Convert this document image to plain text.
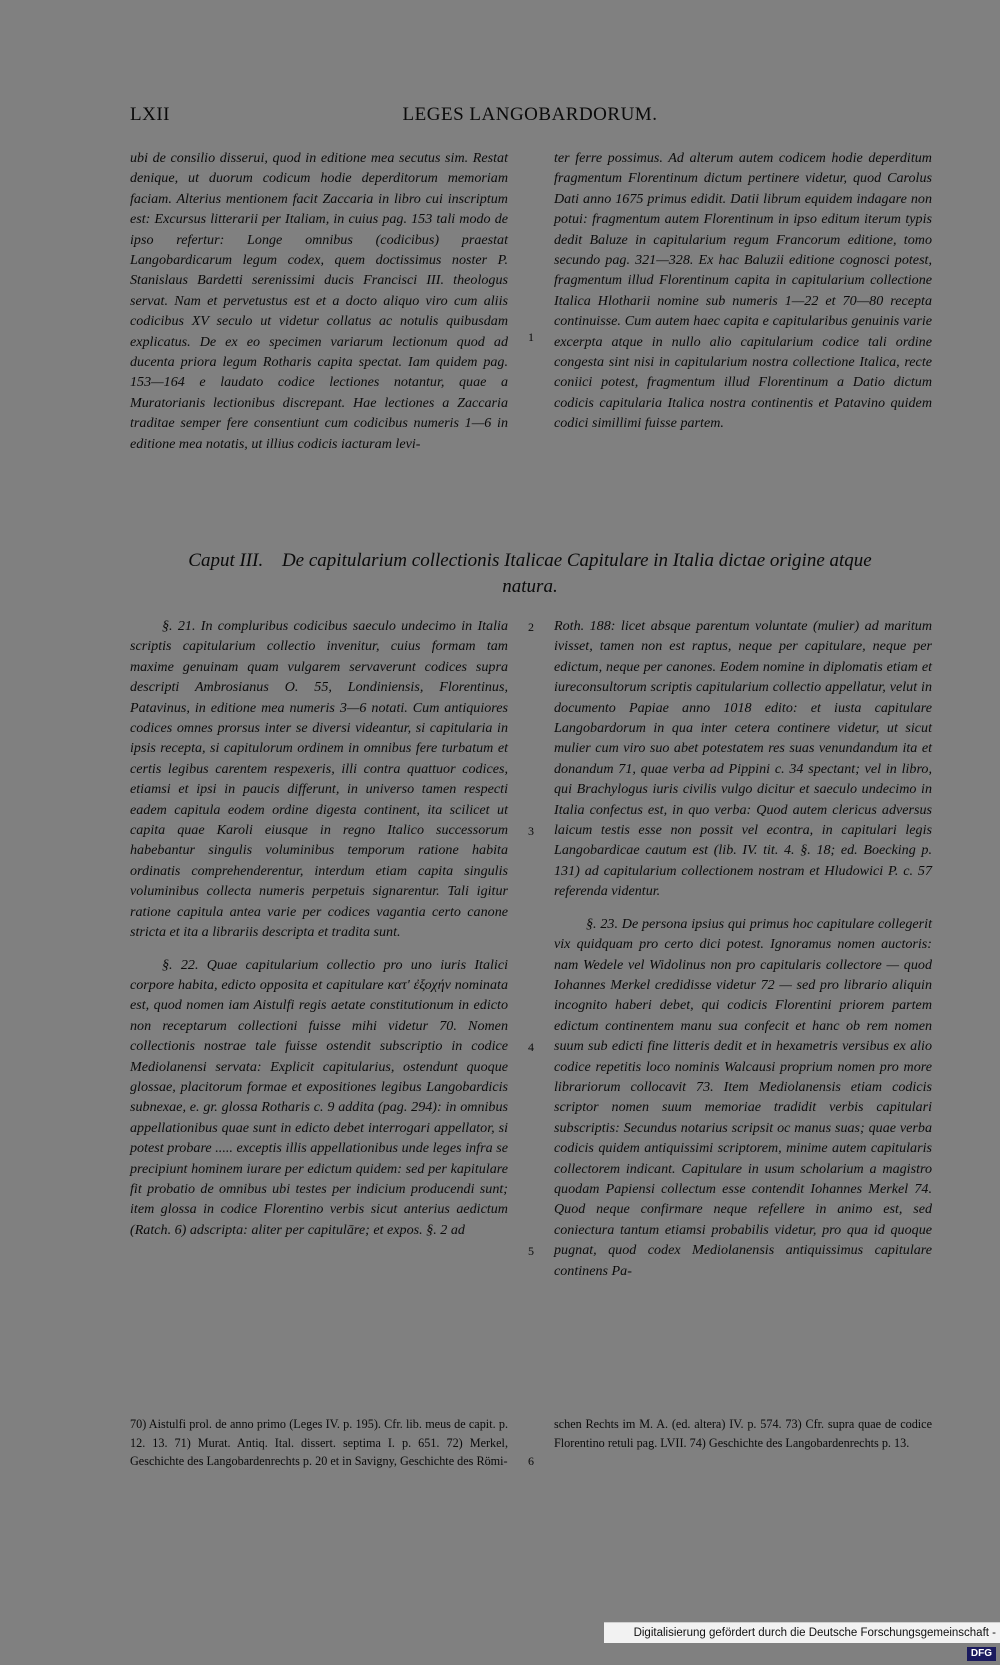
LXII	LEGES LANGOBARDORUM.

ubi de consilio disserui, quod in editione mea secutus sim. Restat denique, ut duorum codicum hodie deperditorum memoriam faciam. Alterius mentionem facit Zaccaria in libro cui inscriptum est: Excursus litterarii per Italiam, in cuius pag. 153 tali modo de ipso refertur: Longe omnibus (codicibus) praestat Langobardicarum legum codex, quem doctissimus noster P. Stanislaus Bardetti serenissimi ducis Francisci III. theologus servat. Nam et pervetustus est et a docto aliquo viro cum aliis codicibus XV seculo ut videtur collatus ac notulis quibusdam explicatus. De ex eo specimen variarum lectionum quod ad ducenta priora legum Rotharis capita spectat. Iam quidem pag. 153—164 e laudato codice lectiones notantur, quae a Muratorianis lectionibus discrepant. Hae lectiones a Zaccaria traditae semper fere consentiunt cum codicibus numeris 1—6 in editione mea notatis, ut illius codicis iacturam levi-

ter ferre possimus. Ad alterum autem codicem hodie deperditum fragmentum Florentinum dictum pertinere videtur, quod Carolus Dati anno 1675 primus edidit. Datii librum equidem indagare non potui: fragmentum autem Florentinum in ipso editum iterum typis dedit Baluze in capitularium regum Francorum editione, tomo secundo pag. 321—328. Ex hac Baluzii editione cognosci potest, fragmentum illud Florentinum capita in capitularium collectione Italica Hlotharii nomine sub numeris 1—22 et 70—80 recepta continuisse. Cum autem haec capita e capitularibus genuinis varie excerpta atque in nullo alio capitularium codice tali ordine congesta sint nisi in capitularium nostra collectione Italica, recte coniici potest, fragmentum illud Florentinum a Datio dictum codicis capitularia Italica nostra continentis et Patavino quidem codici simillimi fuisse partem.

1
Caput III. De capitularium collectionis Italicae Capitulare in Italia dictae origine atque natura.

§. 21. In compluribus codicibus saeculo undecimo in Italia scriptis capitularium collectio invenitur, cuius formam tam maxime genuinam quam vulgarem servaverunt codices supra descripti Ambrosianus O. 55, Londiniensis, Florentinus, Patavinus, in editione mea numeris 3—6 notati. Cum antiquiores codices omnes prorsus inter se diversi videantur, si capitularia in ipsis recepta, si capitulorum ordinem in omnibus fere turbatum et certis legibus carentem respexeris, illi contra quattuor codices, etiamsi et ipsi in paucis differunt, in universo tamen respecti eadem capitula eodem ordine digesta continent, ita scilicet ut capita quae Karoli eiusque in regno Italico successorum habebantur singulis voluminibus temporum ratione habita ordinatis comprehenderentur, interdum etiam capita singulis voluminibus collecta numeris perpetuis signarentur. Tali igitur ratione capitula antea varie per codices vagantia certo canone stricta et ita a librariis descripta et tradita sunt.

§. 22. Quae capitularium collectio pro uno iuris Italici corpore habita, edicto opposita et capitulare κατ' ἐξοχήν nominata est, quod nomen iam Aistulfi regis aetate constitutionum in edicto non receptarum collectioni fuisse mihi videtur 70. Nomen collectionis nostrae tale fuisse ostendit subscriptio in codice Mediolanensi servata: Explicit capitularius, ostendunt quoque glossae, placitorum formae et expositiones legibus Langobardicis subnexae, e. gr. glossa Rotharis c. 9 addita (pag. 294): in omnibus appellationibus quae sunt in edicto debet interrogari appellator, si potest probare ..... exceptis illis appellationibus unde leges infra se precipiunt hominem iurare per edictum quidem: sed per kapitulare fit probatio de omnibus ubi testes per indicium producendi sunt; item glossa in codice Florentino verbis sicut anterius aedictum (Ratch. 6) adscripta: aliter per capitulāre; et expos. §. 2 ad

Roth. 188: licet absque parentum voluntate (mulier) ad maritum ivisset, tamen non est raptus, neque per capitulare, neque per edictum, neque per canones. Eodem nomine in diplomatis etiam et iureconsultorum scriptis capitularium collectio appellatur, velut in documento Papiae anno 1018 edito: et iusta capitulare Langobardorum in qua inter cetera continere videtur, ut sicut mulier cum viro suo abet potestatem res suas venundandum ita et donandum 71, quae verba ad Pippini c. 34 spectant; vel in libro, qui Brachylogus iuris civilis vulgo dicitur et saeculo undecimo in Italia confectus est, in quo verba: Quod autem clericus adversus laicum testis esse non possit vel econtra, in capitulari legis Langobardicae cautum est (lib. IV. tit. 4. §. 18; ed. Boecking p. 131) ad capitularium collectionem nostram et Hludowici P. c. 57 referenda videntur.

§. 23. De persona ipsius qui primus hoc capitulare collegerit vix quidquam pro certo dici potest. Ignoramus nomen auctoris: nam Wedele vel Widolinus non pro capitularis collectore — quod Iohannes Merkel credidisse videtur 72 — sed pro librario aliquin incognito haberi debet, qui codicis Florentini priorem partem edictum continentem manu sua confecit et hanc ob rem nomen suum sub edicti fine litteris dedit et in hexametris versibus ex alio codice repetitis loco nominis Walcausi proprium nomen pro more librariorum collocavit 73. Item Mediolanensis etiam codicis scriptor nomen suum memoriae tradidit verbis capitulari subscriptis: Secundus notarius scripsit oc manus suas; quae verba codicis quidem antiquissimi scriptorem, minime autem capitularis collectorem indicant. Capitulare in usum scholarium a magistro quodam Papiensi collectum esse contendit Iohannes Merkel 74. Quod neque confirmare neque refellere in animo est, sed coniectura tantum etiamsi probabilis videtur, pro qua id quoque pugnat, quod codex Mediolanensis antiquissimus capitulare continens Pa-

2
3
4
5
6

70) Aistulfi prol. de anno primo (Leges IV. p. 195). Cfr. lib. meus de capit. p. 12. 13. 71) Murat. Antiq. Ital. dissert. septima I. p. 651. 72) Merkel, Geschichte des Langobardenrechts p. 20 et in Savigny, Geschichte des Römi-

schen Rechts im M. A. (ed. altera) IV. p. 574. 73) Cfr. supra quae de codice Florentino retuli pag. LVII. 74) Geschichte des Langobardenrechts p. 13.

Digitalisierung gefördert durch die Deutsche Forschungsgemeinschaft - DFG
